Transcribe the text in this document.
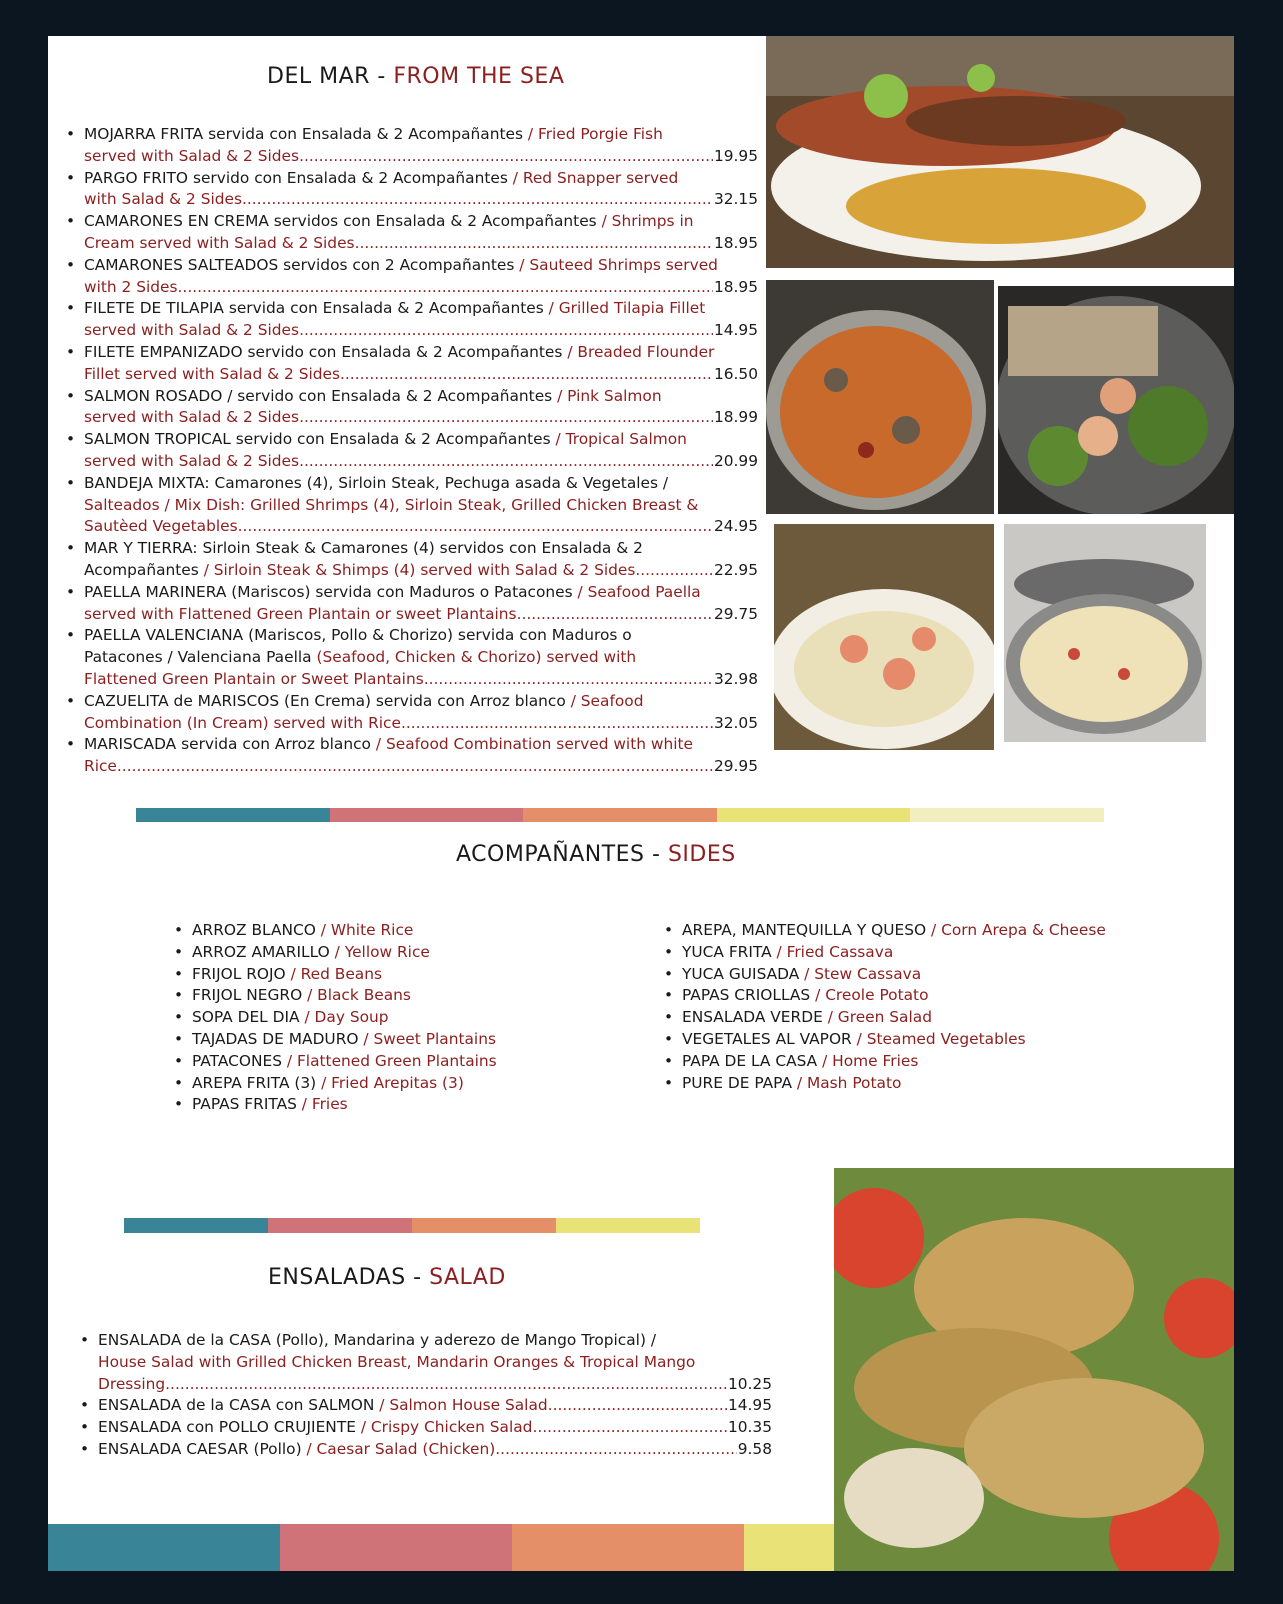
DEL MAR - FROM THE SEA
• MOJARRA FRITA servida con Ensalada & 2 Acompañantes / Fried Porgie Fish
served with Salad & 2 Sides .....	19.95
• PARGO FRITO servido con Ensalada & 2 Acompañantes / Red Snapper served
with Salad & 2 Sides .....	32.15
• CAMARONES EN CREMA servidos con Ensalada & 2 Acompañantes / Shrimps in
Cream served with Salad & 2 Sides .....	18.95
• CAMARONES SALTEADOS servidos con 2 Acompañantes / Sauteed Shrimps served
with 2 Sides .....	18.95
• FILETE DE TILAPIA servida con Ensalada & 2 Acompañantes / Grilled Tilapia Fillet
served with Salad & 2 Sides .....	14.95
• FILETE EMPANIZADO servido con Ensalada & 2 Acompañantes / Breaded Flounder
Fillet served with Salad & 2 Sides. .....	16.50
• SALMON ROSADO / servido con Ensalada & 2 Acompañantes / Pink Salmon
served with Salad & 2 Sides .....	18.99
• SALMON TROPICAL servido con Ensalada & 2 Acompañantes / Tropical Salmon
served with Salad & 2 Sides .....	20.99
• BANDEJA MIXTA: Camarones (4), Sirloin Steak, Pechuga asada & Vegetales /
Salteados / Mix Dish: Grilled Shrimps (4), Sirloin Steak, Grilled Chicken Breast &
Sautèed Vegetables .....	24.95
• MAR Y TIERRA: Sirloin Steak & Camarones (4) servidos con Ensalada & 2
Acompañantes / Sirloin Steak & Shimps (4) served with Salad & 2 Sides .....	22.95
• PAELLA MARINERA (Mariscos) servida con Maduros o Patacones / Seafood Paella
served with Flattened Green Plantain or sweet Plantains .....	29.75
• PAELLA VALENCIANA (Mariscos, Pollo & Chorizo) servida con Maduros o
Patacones / Valenciana Paella (Seafood, Chicken & Chorizo) served with
Flattened Green Plantain or Sweet Plantains .....	32.98
• CAZUELITA de MARISCOS (En Crema) servida con Arroz blanco / Seafood
Combination (In Cream) served with Rice .....	32.05
• MARISCADA servida con Arroz blanco / Seafood Combination served with white
Rice .....	29.95
ACOMPAÑANTES - SIDES
• ARROZ BLANCO / White Rice
• ARROZ AMARILLO / Yellow Rice
• FRIJOL ROJO / Red Beans
• FRIJOL NEGRO / Black Beans
• SOPA DEL DIA / Day Soup
• TAJADAS DE MADURO / Sweet Plantains
• PATACONES / Flattened Green Plantains
• AREPA FRITA (3) / Fried Arepitas (3)
• PAPAS FRITAS / Fries
• AREPA, MANTEQUILLA Y QUESO / Corn Arepa & Cheese
• YUCA FRITA / Fried Cassava
• YUCA GUISADA / Stew Cassava
• PAPAS CRIOLLAS / Creole Potato
• ENSALADA VERDE / Green Salad
• VEGETALES AL VAPOR / Steamed Vegetables
• PAPA DE LA CASA / Home Fries
• PURE DE PAPA / Mash Potato
ENSALADAS - SALAD
• ENSALADA de la CASA (Pollo), Mandarina y aderezo de Mango Tropical) /
House Salad with Grilled Chicken Breast, Mandarin Oranges & Tropical Mango
Dressing .....	10.25
• ENSALADA de la CASA con SALMON / Salmon House Salad .....	14.95
• ENSALADA con POLLO CRUJIENTE / Crispy Chicken Salad .....	10.35
• ENSALADA CAESAR (Pollo) / Caesar Salad (Chicken) .....	9.58
